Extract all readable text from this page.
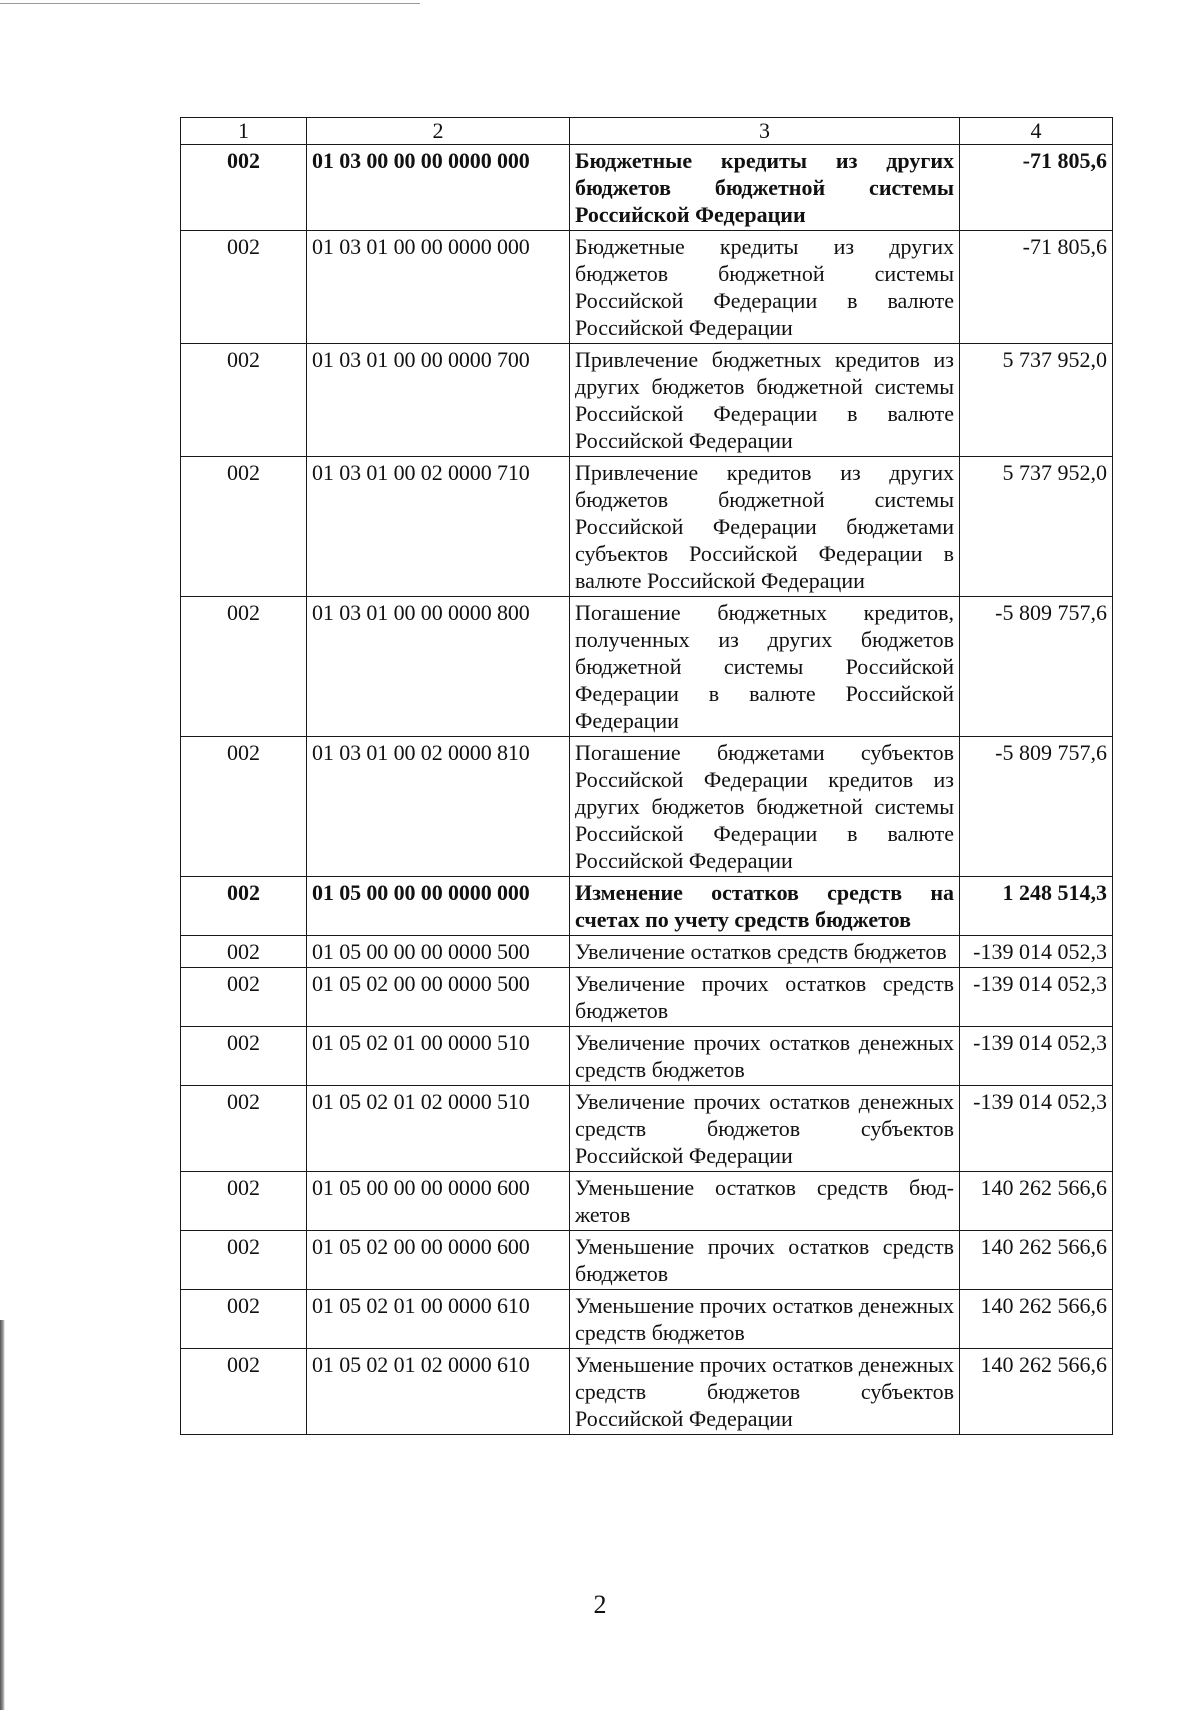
1	2	3	4
002	01 03 00 00 00 0000 000	Бюджетные кредиты из других бюджетов бюджетной системы Российской Федерации	-71 805,6
002	01 03 01 00 00 0000 000	Бюджетные кредиты из других бюджетов бюджетной системы Российской Федерации в валюте Российской Федерации	-71 805,6
002	01 03 01 00 00 0000 700	Привлечение бюджетных кредитов из других бюджетов бюджетной системы Российской Федерации в валюте Российской Федерации	5 737 952,0
002	01 03 01 00 02 0000 710	Привлечение кредитов из других бюджетов бюджетной системы Российской Федерации бюджетами субъектов Российской Федерации в валюте Российской Федерации	5 737 952,0
002	01 03 01 00 00 0000 800	Погашение бюджетных кредитов, полученных из других бюджетов бюджетной системы Российской Федерации в валюте Российской Федерации	-5 809 757,6
002	01 03 01 00 02 0000 810	Погашение бюджетами субъектов Российской Федерации кредитов из других бюджетов бюджетной системы Российской Федерации в валюте Российской Федерации	-5 809 757,6
002	01 05 00 00 00 0000 000	Изменение остатков средств на счетах по учету средств бюджетов	1 248 514,3
002	01 05 00 00 00 0000 500	Увеличение остатков средств бюджетов	-139 014 052,3
002	01 05 02 00 00 0000 500	Увеличение прочих остатков средств бюджетов	-139 014 052,3
002	01 05 02 01 00 0000 510	Увеличение прочих остатков денежных средств бюджетов	-139 014 052,3
002	01 05 02 01 02 0000 510	Увеличение прочих остатков денежных средств бюджетов субъектов Российской Федерации	-139 014 052,3
002	01 05 00 00 00 0000 600	Уменьшение остатков средств бюджетов	140 262 566,6
002	01 05 02 00 00 0000 600	Уменьшение прочих остатков средств бюджетов	140 262 566,6
002	01 05 02 01 00 0000 610	Уменьшение прочих остатков денежных средств бюджетов	140 262 566,6
002	01 05 02 01 02 0000 610	Уменьшение прочих остатков денежных средств бюджетов субъектов Российской Федерации	140 262 566,6
2
